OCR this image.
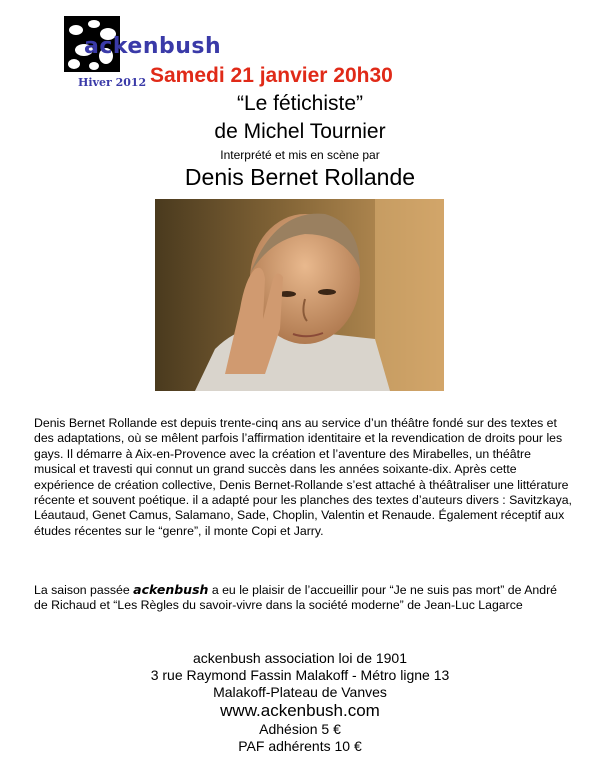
ackenbush
Hiver 2012 Samedi 21 janvier 20h30
“Le fétichiste”
de Michel Tournier
Interprété et mis en scène par
Denis Bernet Rollande

Denis Bernet Rollande est depuis trente-cinq ans au service d’un théâtre fondé sur des textes et des adaptations, où se mêlent parfois l’affirmation identitaire et la revendication de droits pour les gays. Il démarre à Aix-en-Provence avec la création et l’aventure des Mirabelles, un théâtre musical et travesti qui connut un grand succès dans les années soixante-dix. Après cette expérience de création collective, Denis Bernet-Rollande s’est attaché à théâtraliser une littérature récente et souvent poétique. il a adapté pour les planches des textes d’auteurs divers : Savitzkaya, Léautaud, Genet Camus, Salamano, Sade, Choplin, Valentin et Renaude. Également réceptif aux études récentes sur le “genre”, il monte Copi et Jarry.

La saison passée ackenbush a eu le plaisir de l’accueillir pour “Je ne suis pas mort” de André de Richaud et “Les Règles du savoir-vivre dans la société moderne” de Jean-Luc Lagarce

ackenbush association loi de 1901
3 rue Raymond Fassin Malakoff - Métro ligne 13
Malakoff-Plateau de Vanves
www.ackenbush.com
Adhésion 5 €
PAF adhérents 10 €
